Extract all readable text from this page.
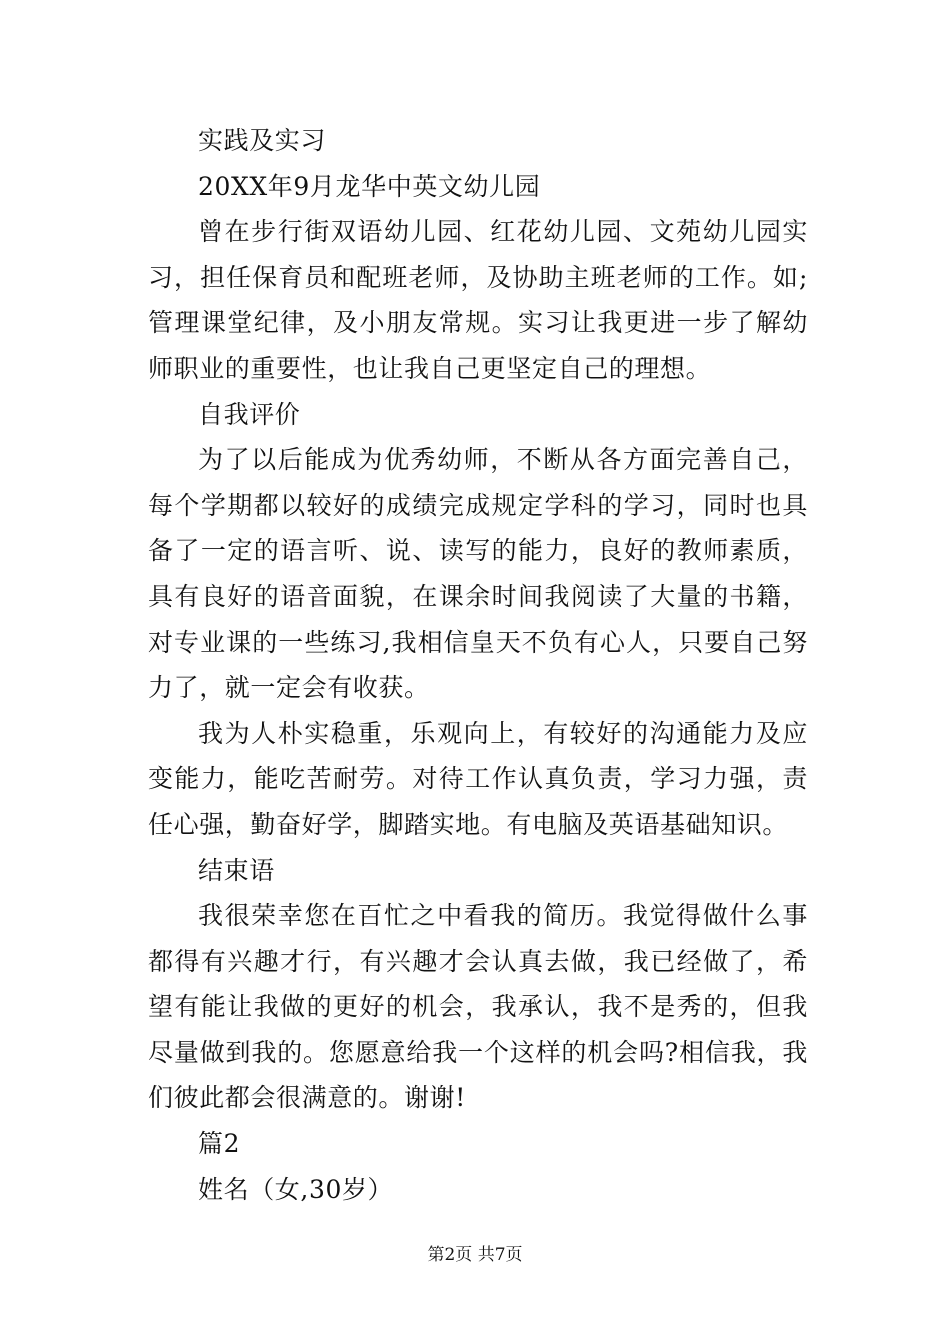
实践及实习
20XX年9月龙华中英文幼儿园
曾在步行街双语幼儿园、红花幼儿园、文苑幼儿园实
习，担任保育员和配班老师，及协助主班老师的工作。如;
管理课堂纪律，及小朋友常规。实习让我更进一步了解幼
师职业的重要性，也让我自己更坚定自己的理想。
自我评价
为了以后能成为优秀幼师，不断从各方面完善自己，
每个学期都以较好的成绩完成规定学科的学习，同时也具
备了一定的语言听、说、读写的能力，良好的教师素质，
具有良好的语音面貌，在课余时间我阅读了大量的书籍，
对专业课的一些练习,我相信皇天不负有心人，只要自己努
力了，就一定会有收获。
我为人朴实稳重，乐观向上，有较好的沟通能力及应
变能力，能吃苦耐劳。对待工作认真负责，学习力强，责
任心强，勤奋好学，脚踏实地。有电脑及英语基础知识。
结束语
我很荣幸您在百忙之中看我的简历。我觉得做什么事
都得有兴趣才行，有兴趣才会认真去做，我已经做了，希
望有能让我做的更好的机会，我承认，我不是秀的，但我
尽量做到我的。您愿意给我一个这样的机会吗?相信我，我
们彼此都会很满意的。谢谢!
篇2
姓名（女,30岁）
第2页 共7页
